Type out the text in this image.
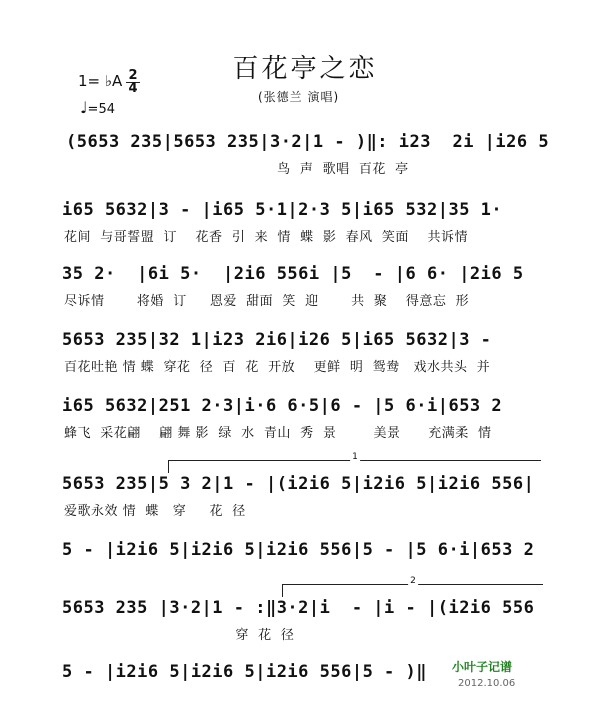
百花亭之恋
(张德兰 演唱)
1= ♭A $\frac{2}{4}$
♩=54
(5653 235|5653 235|3·2|1 - )‖: i23  2i |i26 5
鸟  声  歌唱  百花  亭
i65 5632|3 - |i65 5·1|2·3 5|i65 532|35 1·
花间  与哥誓盟  订    花香  引  来  情  蝶  影  春风  笑面    共诉情
35 2·  |6i 5·  |2i6 556i |5  - |6 6· |2i6 5
尽诉情       将婚  订     恩爱  甜面  笑  迎       共  聚    得意忘  形
5653 235|32 1|i23 2i6|i26 5|i65 5632|3 -
百花吐艳 情 蝶  穿花  径  百  花  开放    更鲜  明  鸳鸯   戏水共头  并
i65 5632|251 2·3|i·6 6·5|6 - |5 6·i|653 2
蜂飞  采花翩    翩 舞 影  绿  水  青山  秀  景        美景      充满柔  情
1
5653 235|5 3 2|1 - |(i2i6 5|i2i6 5|i2i6 556|
爱歌永效 情  蝶   穿     花  径
5 - |i2i6 5|i2i6 5|i2i6 556|5 - |5 6·i|653 2
2
5653 235 |3·2|1 - :‖3·2|i  - |i - |(i2i6 556
穿  花  径
5 - |i2i6 5|i2i6 5|i2i6 556|5 - )‖ 小叶子记谱
2012.10.06
